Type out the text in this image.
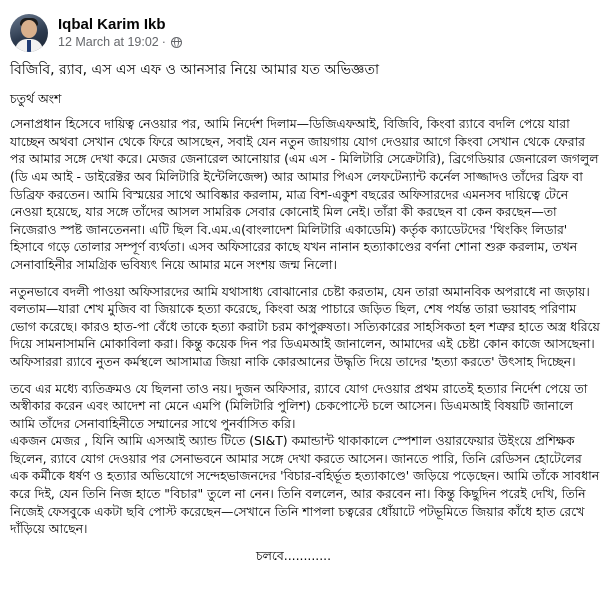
Iqbal Karim Ikb
12 March at 19:02 ·

বিজিবি, র‍্যাব, এস এস এফ ও আনসার নিয়ে আমার যত অভিজ্ঞতা

চতুর্থ অংশ

সেনাপ্রধান হিসেবে দায়িত্ব নেওয়ার পর, আমি নির্দেশ দিলাম—ডিজিএফআই, বিজিবি, কিংবা র‍্যাবে বদলি পেয়ে যারা যাচ্ছেন অথবা সেখান থেকে ফিরে আসছেন, সবাই যেন নতুন জায়গায় যোগ দেওয়ার আগে কিংবা সেখান থেকে ফেরার পর আমার সঙ্গে দেখা করে। মেজর জেনারেল আনোয়ার (এম এস - মিলিটারি সেক্রেটারি), ব্রিগেডিয়ার জেনারেল জগলুল (ডি এম আই - ডাইরেক্টর অব মিলিটারি ইন্টেলিজেন্স) আর আমার পিএস লেফটেন্যান্ট কর্নেল সাজ্জাদও তাঁদের ব্রিফ বা ডিব্রিফ করতেন। আমি বিস্ময়ের সাথে আবিষ্কার করলাম, মাত্র বিশ-একুশ বছরের অফিসারদের এমনসব দায়িত্বে টেনে নেওয়া হয়েছে, যার সঙ্গে তাঁদের আসল সামরিক সেবার কোনোই মিল নেই। তাঁরা কী করছেন বা কেন করছেন—তা নিজেরাও স্পষ্ট জানতেননা। এটি ছিল বি.এম.এ(বাংলাদেশ মিলিটারি একাডেমি) কর্তৃক ক্যাডেটদের 'থিংকিং লিডার' হিসাবে গড়ে তোলার সম্পূর্ণ ব্যর্থতা। এসব অফিসারের কাছে যখন নানান হত্যাকাণ্ডের বর্ণনা শোনা শুরু করলাম, তখন সেনাবাহিনীর সামগ্রিক ভবিষ্যৎ নিয়ে আমার মনে সংশয় জন্ম নিলো।

নতুনভাবে বদলী পাওয়া অফিসারদের আমি যথাসাধ্য বোঝানোর চেষ্টা করতাম, যেন তারা অমানবিক অপরাধে না জড়ায়। বলতাম—যারা শেখ মুজিব বা জিয়াকে হত্যা করেছে, কিংবা অস্ত্র পাচারে জড়িত ছিল, শেষ পর্যন্ত তারা ভয়াবহ পরিণাম ভোগ করেছে। কারও হাত-পা বেঁধে তাকে হত্যা করাটা চরম কাপুরুষতা। সত্যিকারের সাহসিকতা হল শত্রুর হাতে অস্ত্র ধরিয়ে দিয়ে সামনাসামনি মোকাবিলা করা। কিন্তু কয়েক দিন পর ডিএমআই জানালেন, আমাদের এই চেষ্টা কোন কাজে আসছেনা। অফিসাররা র‍্যাবে নুতন কর্মস্থলে আসামাত্র জিয়া নাকি কোরআনের উদ্ধৃতি দিয়ে তাদের 'হত্যা করতে' উৎসাহ দিচ্ছেন।

তবে এর মধ্যে ব্যতিক্রমও যে ছিলনা তাও নয়। দুজন অফিসার, র‍্যাবে যোগ দেওয়ার প্রথম রাতেই হত্যার নির্দেশ পেয়ে তা অস্বীকার করেন এবং আদেশ না মেনে এমপি (মিলিটারি পুলিশ) চেকপোস্টে চলে আসেন। ডিএমআই বিষয়টি জানালে আমি তাঁদের সেনাবাহিনীতে সম্মানের সাথে পুনর্বাসিত করি।
একজন মেজর , যিনি আমি এসআই অ্যান্ড টিতে (SI&T) কমান্ডান্ট থাকাকালে স্পেশাল ওয়ারফেয়ার উইংয়ে প্রশিক্ষক ছিলেন, র‍্যাবে যোগ দেওয়ার পর সেনাভবনে আমার সঙ্গে দেখা করতে আসেন। জানতে পারি, তিনি রেডিসন হোটেলের এক কর্মীকে ধর্ষণ ও হত্যার অভিযোগে সন্দেহভাজনদের 'বিচার-বহির্ভূত হত্যাকাণ্ডে' জড়িয়ে পড়েছেন। আমি তাঁকে সাবধান করে দিই, যেন তিনি নিজ হাতে "বিচার" তুলে না নেন। তিনি বললেন, আর করবেন না। কিন্তু কিছুদিন পরেই দেখি, তিনি নিজেই ফেসবুকে একটা ছবি পোস্ট করেছেন—সেখানে তিনি শাপলা চত্বরের ধোঁয়াটে পটভূমিতে জিয়ার কাঁধে হাত রেখে দাঁড়িয়ে আছেন।

চলবে............
